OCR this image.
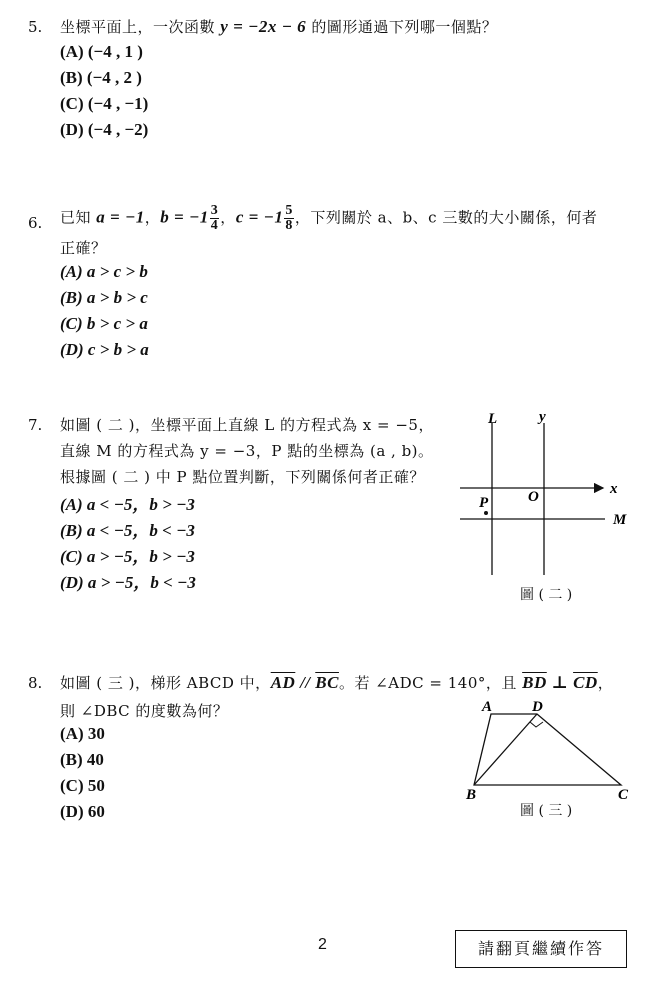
5. 坐標平面上，一次函數 y = −2x − 6 的圖形通過下列哪一個點？
(A) (−4 , 1 )
(B) (−4 , 2 )
(C) (−4 , −1)
(D) (−4 , −2)
6. 已知 a = −1，$b = -1 \frac{3}{4}$ ，$c = -1 \frac{5}{8}$ ，下列關於 a、b、c 三數的大小關係，何者
正確？
(A) a > c > b
(B) a > b > c
(C) b > c > a
(D) c > b > a
7. 如圖 ( 二 )，坐標平面上直線 L 的方程式為 x = −5，
直線 M 的方程式為 y = −3，P 點的坐標為 (a , b)。
根據圖 ( 二 ) 中 P 點位置判斷，下列關係何者正確？
(A) a < −5，b > −3
(B) a < −5，b < −3
(C) a > −5，b > −3
(D) a > −5，b < −3
L	y
x
M
O
P
圖 ( 二 )
8. 如圖 ( 三 )，梯形 ABCD 中，$\overline{AD} // \overline{BC}$。若 ∠ADC = 140°，且 $\overline{BD}$ ⊥ $\overline{CD}$，
則 ∠DBC 的度數為何？
(A) 30
(B) 40
(C) 50
(D) 60
A	D
B	C
圖 ( 三 )
2	請翻頁繼續作答
